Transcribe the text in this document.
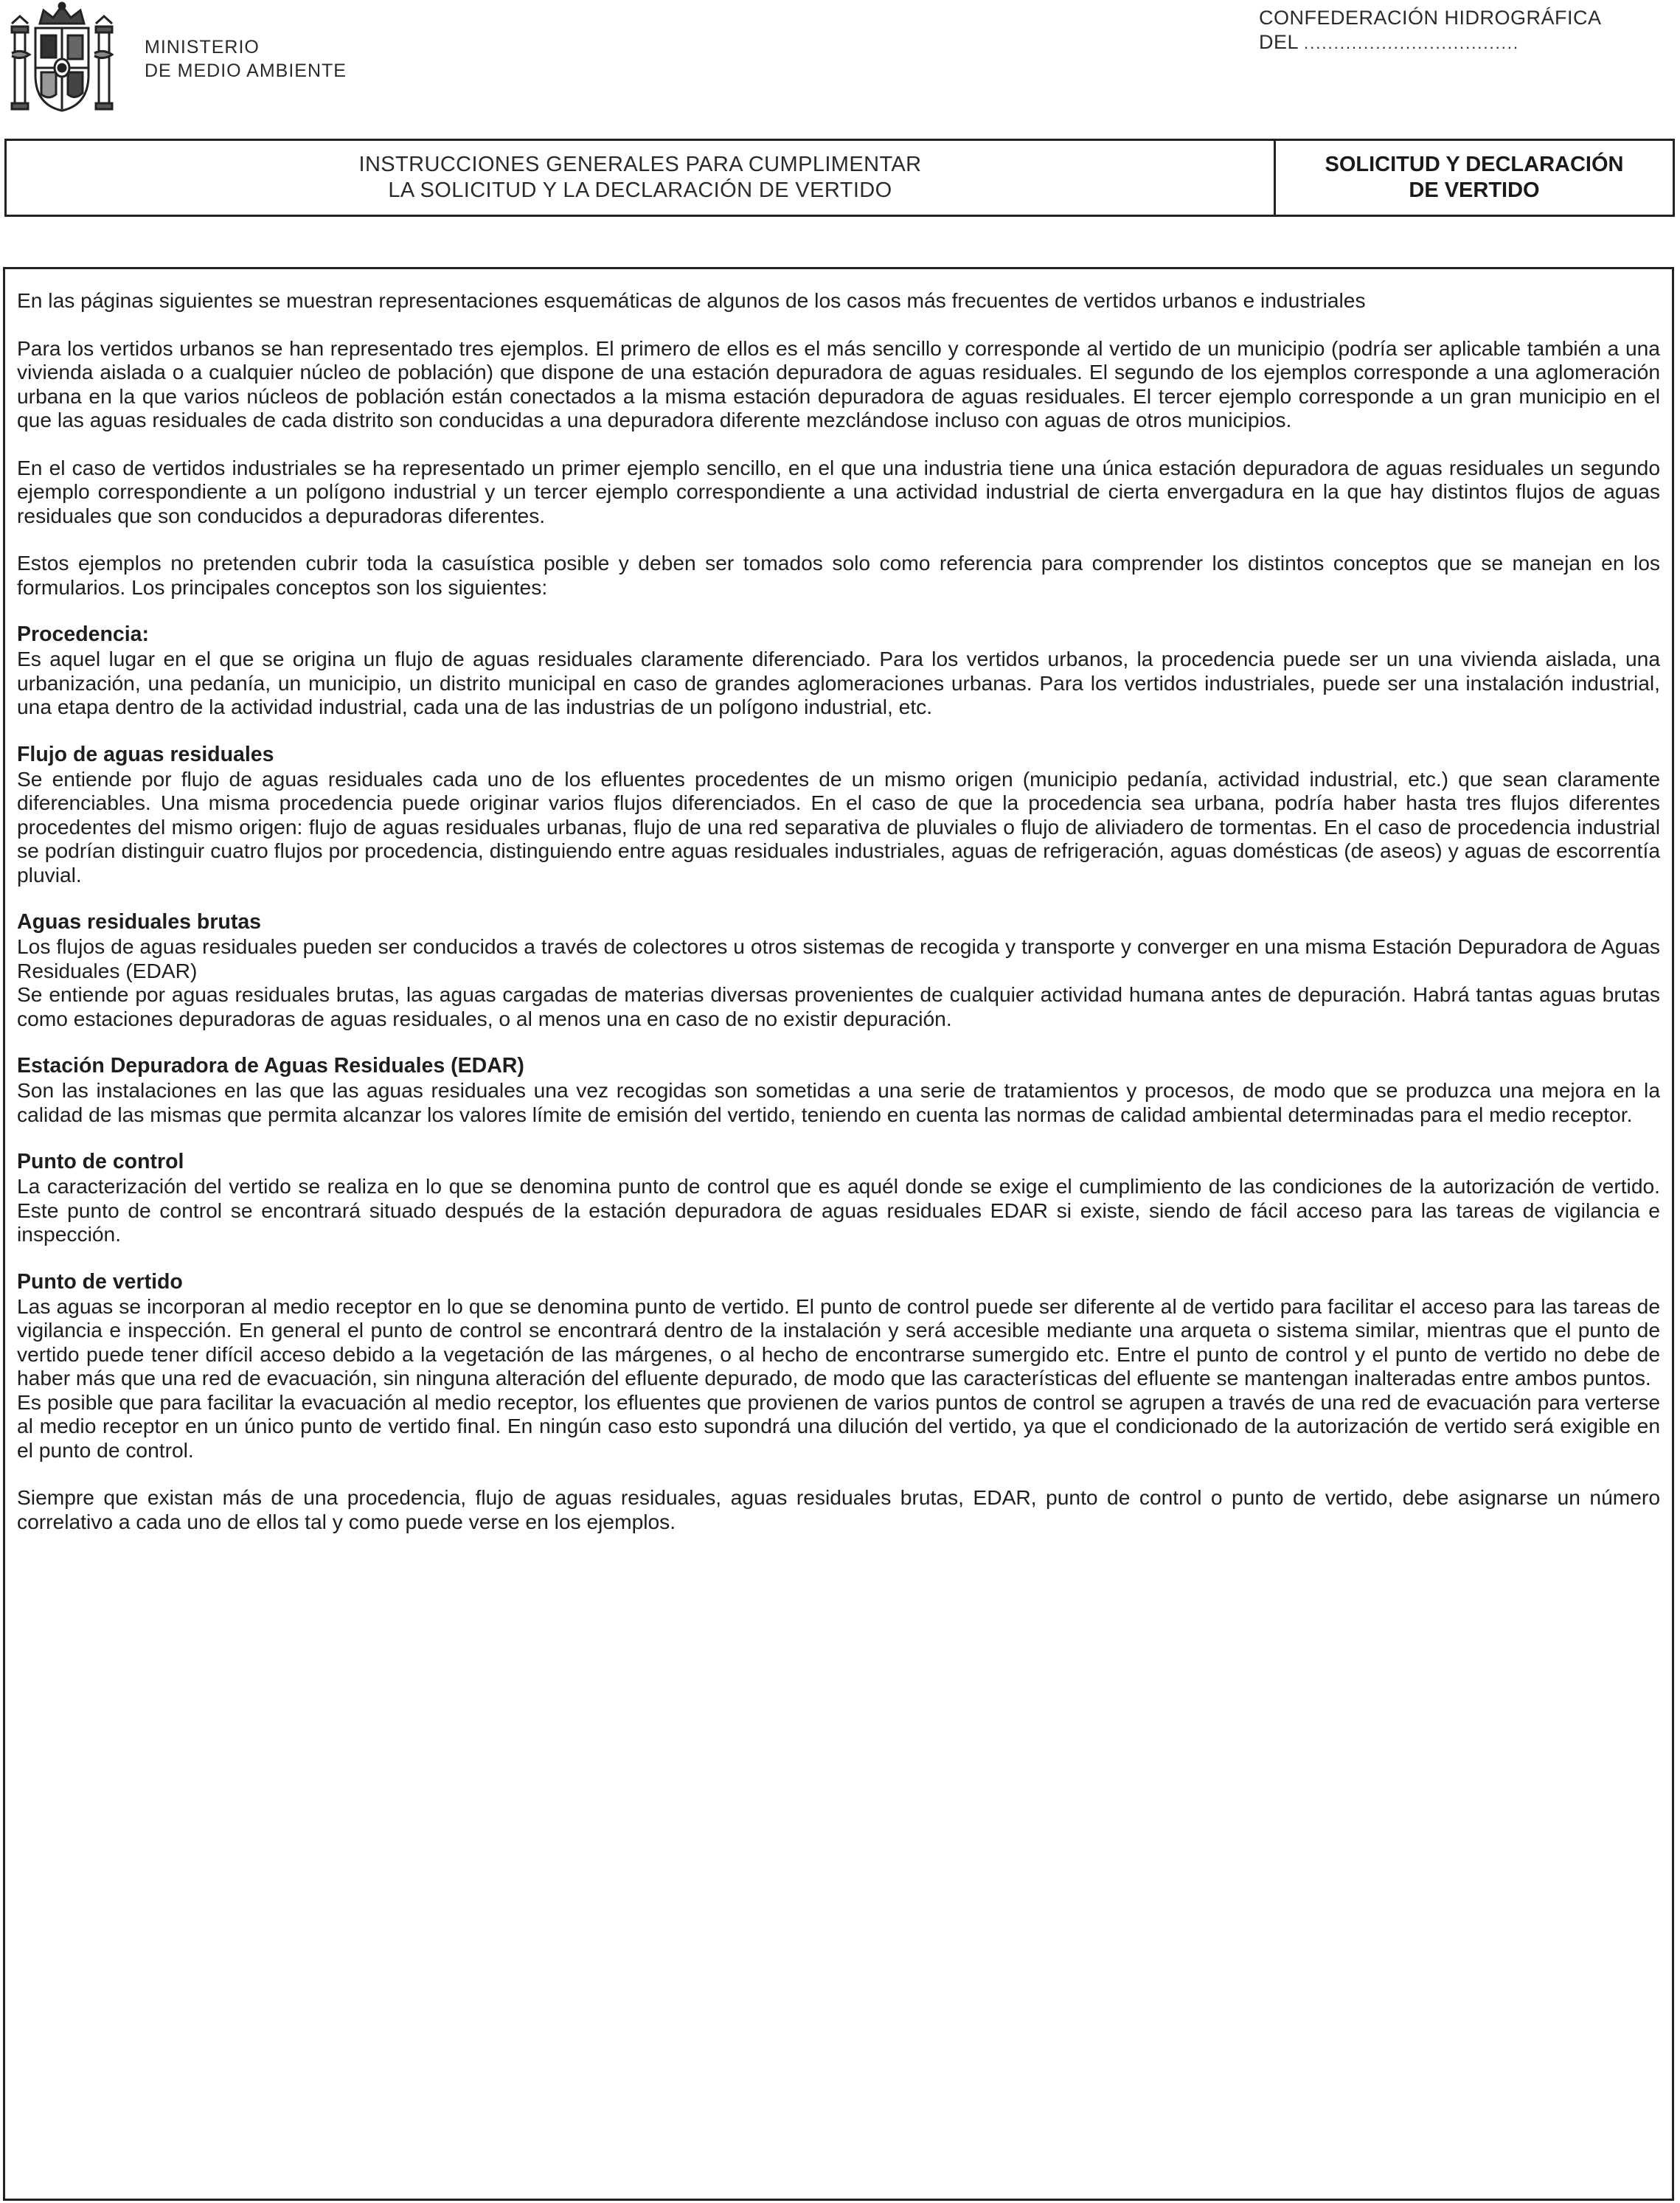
MINISTERIO
DE MEDIO AMBIENTE
CONFEDERACIÓN HIDROGRÁFICA
DEL ....................................
INSTRUCCIONES GENERALES PARA CUMPLIMENTAR
LA SOLICITUD Y LA DECLARACIÓN DE VERTIDO
SOLICITUD Y DECLARACIÓN
DE VERTIDO

En las páginas siguientes se muestran representaciones esquemáticas de algunos de los casos más frecuentes de vertidos urbanos e industriales

Para los vertidos urbanos se han representado tres ejemplos. El primero de ellos es el más sencillo y corresponde al vertido de un municipio (podría ser aplicable también a una vivienda aislada o a cualquier núcleo de población) que dispone de una estación depuradora de aguas residuales. El segundo de los ejemplos corresponde a una aglomeración urbana en la que varios núcleos de población están conectados a la misma estación depuradora de aguas residuales. El tercer ejemplo corresponde a un gran municipio en el que las aguas residuales de cada distrito son conducidas a una depuradora diferente mezclándose incluso con aguas de otros municipios.

En el caso de vertidos industriales se ha representado un primer ejemplo sencillo, en el que una industria tiene una única estación depuradora de aguas residuales un segundo ejemplo correspondiente a un polígono industrial y un tercer ejemplo correspondiente a una actividad industrial de cierta envergadura en la que hay distintos flujos de aguas residuales que son conducidos a depuradoras diferentes.

Estos ejemplos no pretenden cubrir toda la casuística posible y deben ser tomados solo como referencia para comprender los distintos conceptos que se manejan en los formularios. Los principales conceptos son los siguientes:

Procedencia:

Es aquel lugar en el que se origina un flujo de aguas residuales claramente diferenciado. Para los vertidos urbanos, la procedencia puede ser un una vivienda aislada, una urbanización, una pedanía, un municipio, un distrito municipal en caso de grandes aglomeraciones urbanas. Para los vertidos industriales, puede ser una instalación industrial, una etapa dentro de la actividad industrial, cada una de las industrias de un polígono industrial, etc.

Flujo de aguas residuales

Se entiende por flujo de aguas residuales cada uno de los efluentes procedentes de un mismo origen (municipio pedanía, actividad industrial, etc.) que sean claramente diferenciables. Una misma procedencia puede originar varios flujos diferenciados. En el caso de que la procedencia sea urbana, podría haber hasta tres flujos diferentes procedentes del mismo origen: flujo de aguas residuales urbanas, flujo de una red separativa de pluviales o flujo de aliviadero de tormentas. En el caso de procedencia industrial se podrían distinguir cuatro flujos por procedencia, distinguiendo entre aguas residuales industriales, aguas de refrigeración, aguas domésticas (de aseos) y aguas de escorrentía pluvial.

Aguas residuales brutas

Los flujos de aguas residuales pueden ser conducidos a través de colectores u otros sistemas de recogida y transporte y converger en una misma Estación Depuradora de Aguas Residuales (EDAR)

Se entiende por aguas residuales brutas, las aguas cargadas de materias diversas provenientes de cualquier actividad humana antes de depuración. Habrá tantas aguas brutas como estaciones depuradoras de aguas residuales, o al menos una en caso de no existir depuración.

Estación Depuradora de Aguas Residuales (EDAR)

Son las instalaciones en las que las aguas residuales una vez recogidas son sometidas a una serie de tratamientos y procesos, de modo que se produzca una mejora en la calidad de las mismas que permita alcanzar los valores límite de emisión del vertido, teniendo en cuenta las normas de calidad ambiental determinadas para el medio receptor.

Punto de control

La caracterización del vertido se realiza en lo que se denomina punto de control que es aquél donde se exige el cumplimiento de las condiciones de la autorización de vertido. Este punto de control se encontrará situado después de la estación depuradora de aguas residuales EDAR si existe, siendo de fácil acceso para las tareas de vigilancia e inspección.

Punto de vertido

Las aguas se incorporan al medio receptor en lo que se denomina punto de vertido. El punto de control puede ser diferente al de vertido para facilitar el acceso para las tareas de vigilancia e inspección. En general el punto de control se encontrará dentro de la instalación y será accesible mediante una arqueta o sistema similar, mientras que el punto de vertido puede tener difícil acceso debido a la vegetación de las márgenes, o al hecho de encontrarse sumergido etc. Entre el punto de control y el punto de vertido no debe de haber más que una red de evacuación, sin ninguna alteración del efluente depurado, de modo que las características del efluente se mantengan inalteradas entre ambos puntos.

Es posible que para facilitar la evacuación al medio receptor, los efluentes que provienen de varios puntos de control se agrupen a través de una red de evacuación para verterse al medio receptor en un único punto de vertido final. En ningún caso esto supondrá una dilución del vertido, ya que el condicionado de la autorización de vertido será exigible en el punto de control.

Siempre que existan más de una procedencia, flujo de aguas residuales, aguas residuales brutas, EDAR, punto de control o punto de vertido, debe asignarse un número correlativo a cada uno de ellos tal y como puede verse en los ejemplos.
